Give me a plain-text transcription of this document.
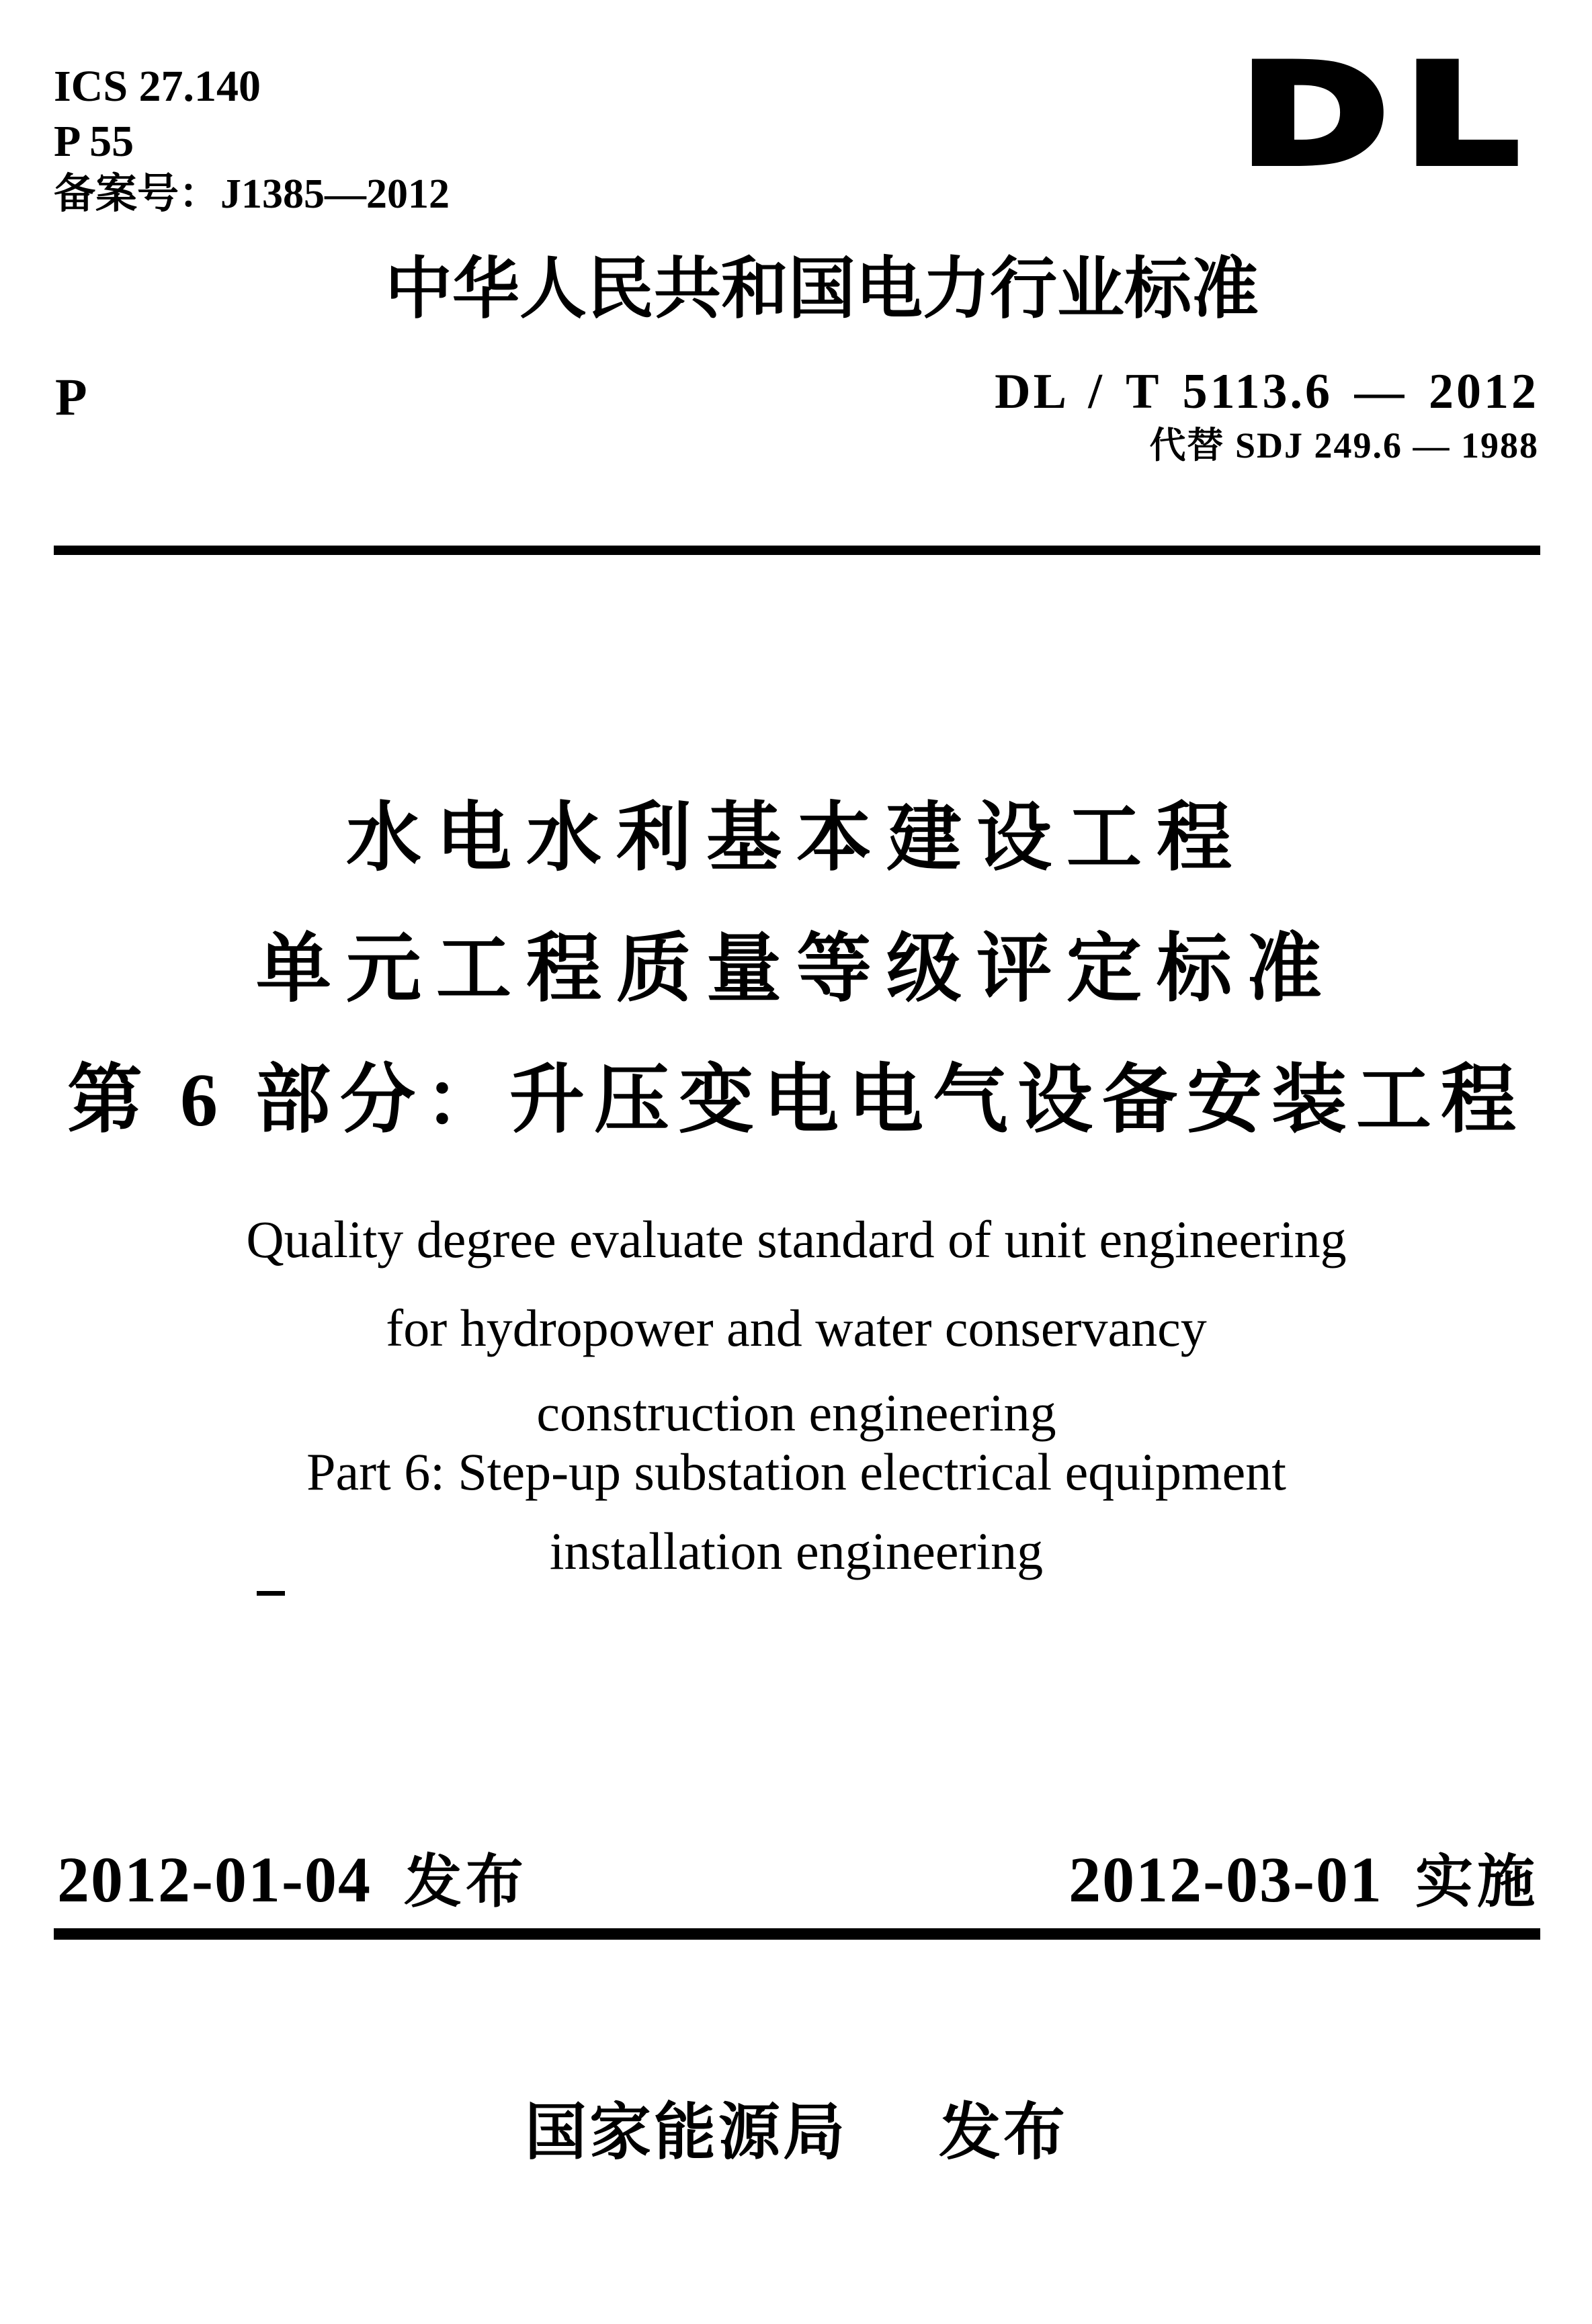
ICS 27.140
P 55
备案号：J1385—2012	DL
中华人民共和国电力行业标准
P	DL / T 5113.6 — 2012
代替 SDJ 249.6 — 1988
水电水利基本建设工程
单元工程质量等级评定标准
第 6 部分：升压变电电气设备安装工程
Quality degree evaluate standard of unit engineering
for hydropower and water conservancy
construction engineering
Part 6: Step-up substation electrical equipment
installation engineering
2012-01-04 发布	2012-03-01 实施
国家能源局 发布
